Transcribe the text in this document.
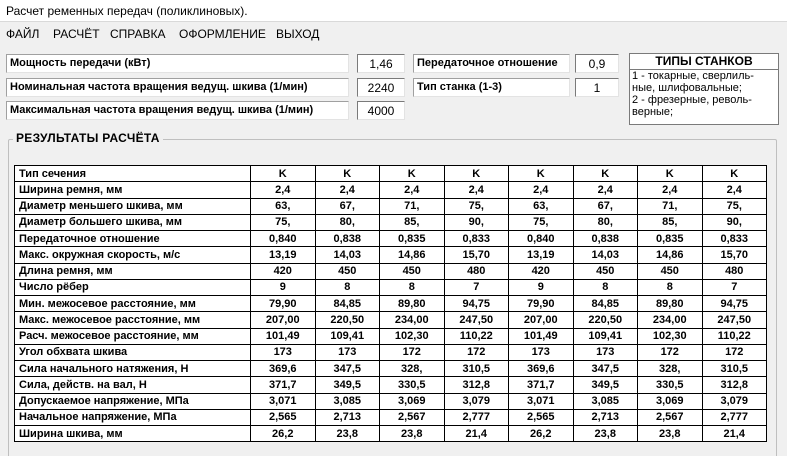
Расчет ременных передач (поликлиновых).
ФАЙЛ РАСЧЁТ СПРАВКА ОФОРМЛЕНИЕ ВЫХОД
Мощность передачи (кВт)
1,46
Номинальная частота вращения ведущ. шкива (1/мин)
2240
Максимальная частота вращения ведущ. шкива (1/мин)
4000
Передаточное отношение
0,9
Тип станка (1-3)
1
ТИПЫ СТАНКОВ
1 - токарные, сверлиль-
ные, шлифовальные;
2 - фрезерные, револь-
верные;
РЕЗУЛЬТАТЫ РАСЧЁТА
Тип сечения	K	K	K	K	K	K	K	K
Ширина ремня, мм	2,4	2,4	2,4	2,4	2,4	2,4	2,4	2,4
Диаметр меньшего шкива, мм	63,	67,	71,	75,	63,	67,	71,	75,
Диаметр большего шкива, мм	75,	80,	85,	90,	75,	80,	85,	90,
Передаточное отношение	0,840	0,838	0,835	0,833	0,840	0,838	0,835	0,833
Макс. окружная скорость, м/с	13,19	14,03	14,86	15,70	13,19	14,03	14,86	15,70
Длина ремня, мм	420	450	450	480	420	450	450	480
Число рёбер	9	8	8	7	9	8	8	7
Мин. межосевое расстояние, мм	79,90	84,85	89,80	94,75	79,90	84,85	89,80	94,75
Макс. межосевое расстояние, мм	207,00	220,50	234,00	247,50	207,00	220,50	234,00	247,50
Расч. межосевое расстояние, мм	101,49	109,41	102,30	110,22	101,49	109,41	102,30	110,22
Угол обхвата шкива	173	173	172	172	173	173	172	172
Сила начального натяжения, Н	369,6	347,5	328,	310,5	369,6	347,5	328,	310,5
Сила, действ. на вал, Н	371,7	349,5	330,5	312,8	371,7	349,5	330,5	312,8
Допускаемое напряжение, МПа	3,071	3,085	3,069	3,079	3,071	3,085	3,069	3,079
Начальное напряжение, МПа	2,565	2,713	2,567	2,777	2,565	2,713	2,567	2,777
Ширина шкива, мм	26,2	23,8	23,8	21,4	26,2	23,8	23,8	21,4
